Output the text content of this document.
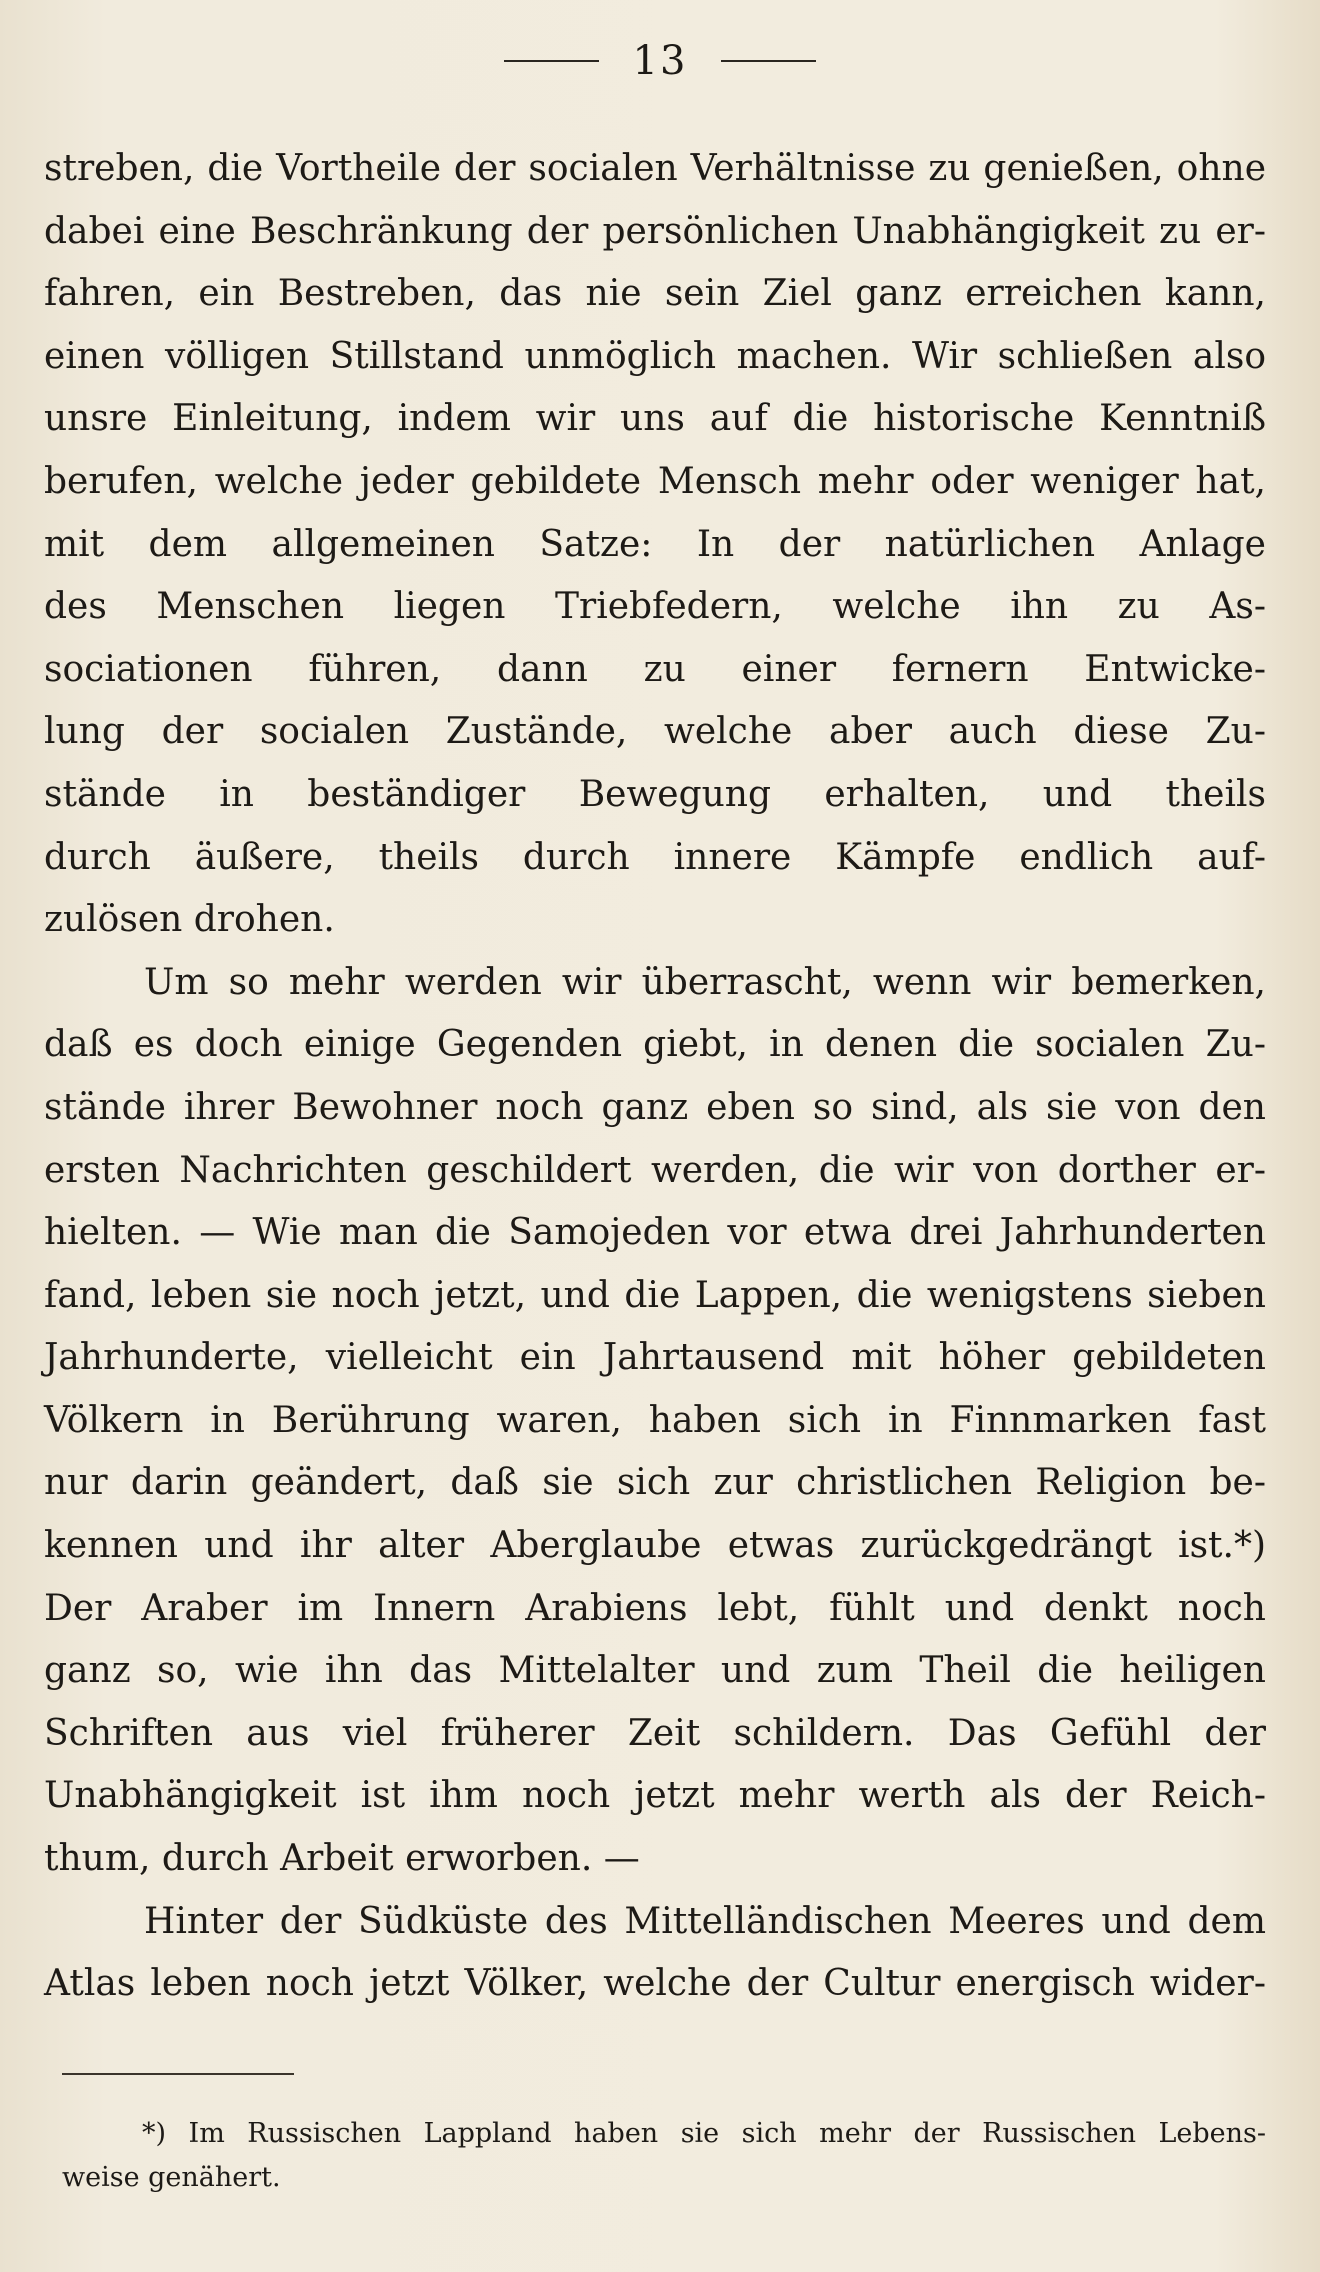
13
streben, die Vortheile der socialen Verhältnisse zu genießen, ohne
dabei eine Beschränkung der persönlichen Unabhängigkeit zu er-
fahren, ein Bestreben, das nie sein Ziel ganz erreichen kann,
einen völligen Stillstand unmöglich machen. Wir schließen also
unsre Einleitung, indem wir uns auf die historische Kenntniß
berufen, welche jeder gebildete Mensch mehr oder weniger hat,
mit dem allgemeinen Satze: In der natürlichen Anlage
des Menschen liegen Triebfedern, welche ihn zu As-
sociationen führen, dann zu einer fernern Entwicke-
lung der socialen Zustände, welche aber auch diese Zu-
stände in beständiger Bewegung erhalten, und theils
durch äußere, theils durch innere Kämpfe endlich auf-
zulösen drohen.
Um so mehr werden wir überrascht, wenn wir bemerken,
daß es doch einige Gegenden giebt, in denen die socialen Zu-
stände ihrer Bewohner noch ganz eben so sind, als sie von den
ersten Nachrichten geschildert werden, die wir von dorther er-
hielten. — Wie man die Samojeden vor etwa drei Jahrhunderten
fand, leben sie noch jetzt, und die Lappen, die wenigstens sieben
Jahrhunderte, vielleicht ein Jahrtausend mit höher gebildeten
Völkern in Berührung waren, haben sich in Finnmarken fast
nur darin geändert, daß sie sich zur christlichen Religion be-
kennen und ihr alter Aberglaube etwas zurückgedrängt ist.*)
Der Araber im Innern Arabiens lebt, fühlt und denkt noch
ganz so, wie ihn das Mittelalter und zum Theil die heiligen
Schriften aus viel früherer Zeit schildern. Das Gefühl der
Unabhängigkeit ist ihm noch jetzt mehr werth als der Reich-
thum, durch Arbeit erworben. —
Hinter der Südküste des Mittelländischen Meeres und dem
Atlas leben noch jetzt Völker, welche der Cultur energisch wider-
*) Im Russischen Lappland haben sie sich mehr der Russischen Lebens-
weise genähert.
